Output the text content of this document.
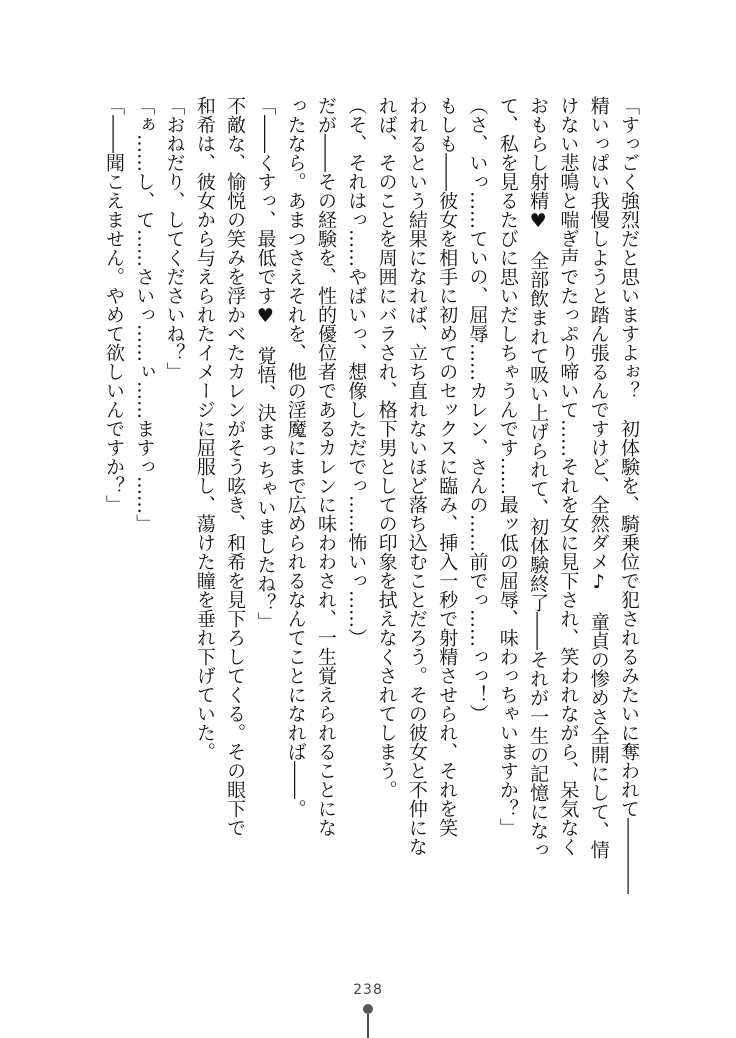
「すっごく強烈だと思いますよぉ？　初体験を、騎乗位で犯されるみたいに奪われて――――
精いっぱい我慢しようと踏ん張るんですけど、全然ダメ♪　童貞の惨めさ全開にして、情
けない悲鳴と喘ぎ声でたっぷり啼いて……それを女に見下され、笑われながら、呆気なく
おもらし射精♥　全部飲まれて吸い上げられて、初体験終了――それが一生の記憶になっ
て、私を見るたびに思いだしちゃうんです……最ッ低の屈辱、味わっちゃいますか？」
（さ、いっ……ていの、屈辱……カレン、さんの……前でっ……っっ！）
もしも――彼女を相手に初めてのセックスに臨み、挿入一秒で射精させられ、それを笑
われるという結果になれば、立ち直れないほど落ち込むことだろう。その彼女と不仲にな
れば、そのことを周囲にバラされ、格下男としての印象を拭えなくされてしまう。
（そ、それはっ……やばいっ、想像しただでっ……怖いっ……）
だが――その経験を、性的優位者であるカレンに味わわされ、一生覚えられることにな
ったなら。あまつさえそれを、他の淫魔にまで広められるなんてことになれば――。
「――くすっ、最低です♥　覚悟、決まっちゃいましたね？」
不敵な、愉悦の笑みを浮かべたカレンがそう呟き、和希を見下ろしてくる。その眼下で
和希は、彼女から与えられたイメージに屈服し、蕩けた瞳を垂れ下げていた。
「おねだり、してくださいね？」
「ぁ……し、て……さいっ……ぃ……ますっ……」
「――聞こえません。やめて欲しいんですか？」
238
